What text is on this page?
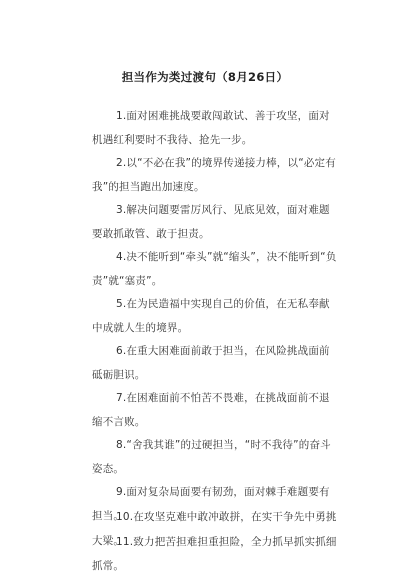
担当作为类过渡句（8月26日）

1.面对困难挑战要敢闯敢试、善于攻坚，面对机遇红利要时不我待、抢先一步。

2.以“不必在我”的境界传递接力棒，以“必定有我”的担当跑出加速度。

3.解决问题要雷厉风行、见底见效，面对难题要敢抓敢管、敢于担责。

4.决不能听到“牵头”就“缩头”，决不能听到“负责”就“塞责”。

5.在为民造福中实现自己的价值，在无私奉献中成就人生的境界。

6.在重大困难面前敢于担当，在风险挑战面前砥砺胆识。

7.在困难面前不怕苦不畏难，在挑战面前不退缩不言败。

8.“舍我其谁”的过硬担当，“时不我待”的奋斗姿态。

9.面对复杂局面要有韧劲，面对棘手难题要有担当。

10.在攻坚克难中敢冲敢拼，在实干争先中勇挑大梁。

11.致力把苦担难担重担险，全力抓早抓实抓细抓常。
